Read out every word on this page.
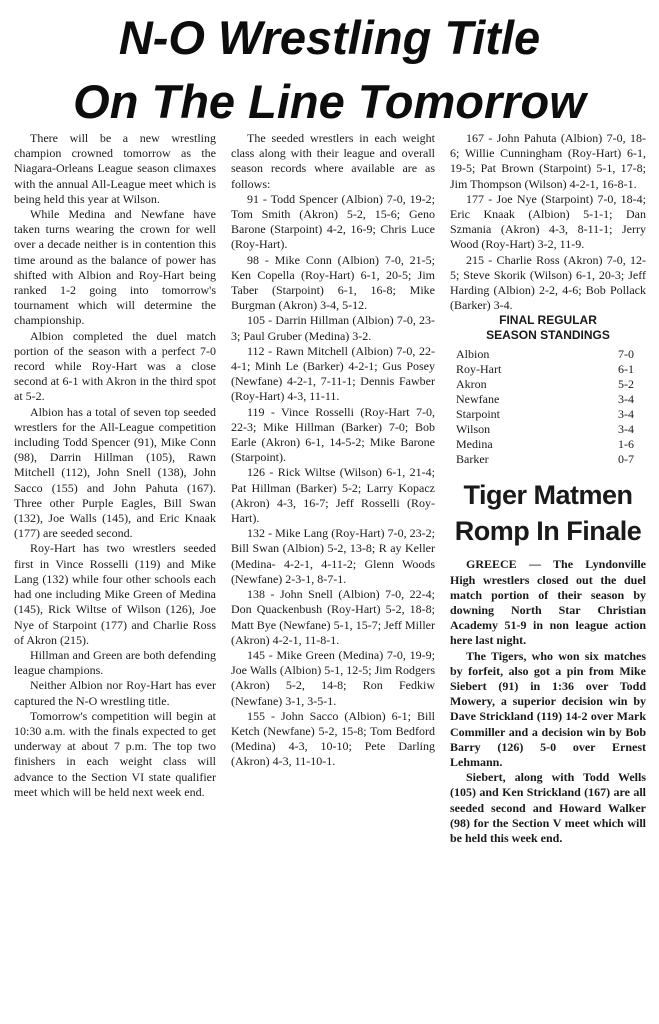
N-O Wrestling Title
On The Line Tomorrow

There will be a new wrestling champion crowned tomorrow as the Niagara-Orleans League season climaxes with the annual All-League meet which is being held this year at Wilson.

While Medina and Newfane have taken turns wearing the crown for well over a decade neither is in contention this time around as the balance of power has shifted with Albion and Roy-Hart being ranked 1-2 going into tomorrow's tournament which will determine the championship.

Albion completed the duel match portion of the season with a perfect 7-0 record while Roy-Hart was a close second at 6-1 with Akron in the third spot at 5-2.

Albion has a total of seven top seeded wrestlers for the All-League competition including Todd Spencer (91), Mike Conn (98), Darrin Hillman (105), Rawn Mitchell (112), John Snell (138), John Sacco (155) and John Pahuta (167). Three other Purple Eagles, Bill Swan (132), Joe Walls (145), and Eric Knaak (177) are seeded second.

Roy-Hart has two wrestlers seeded first in Vince Rosselli (119) and Mike Lang (132) while four other schools each had one including Mike Green of Medina (145), Rick Wiltse of Wilson (126), Joe Nye of Starpoint (177) and Charlie Ross of Akron (215).

Hillman and Green are both defending league champions.

Neither Albion nor Roy-Hart has ever captured the N-O wrestling title.

Tomorrow's competition will begin at 10:30 a.m. with the finals expected to get underway at about 7 p.m. The top two finishers in each weight class will advance to the Section VI state qualifier meet which will be held next week end.

The seeded wrestlers in each weight class along with their league and overall season records where available are as follows:

91 - Todd Spencer (Albion) 7-0, 19-2; Tom Smith (Akron) 5-2, 15-6; Geno Barone (Starpoint) 4-2, 16-9; Chris Luce (Roy-Hart).

98 - Mike Conn (Albion) 7-0, 21-5; Ken Copella (Roy-Hart) 6-1, 20-5; Jim Taber (Starpoint) 6-1, 16-8; Mike Burgman (Akron) 3-4, 5-12.

105 - Darrin Hillman (Albion) 7-0, 23-3; Paul Gruber (Medina) 3-2.

112 - Rawn Mitchell (Albion) 7-0, 22-4-1; Minh Le (Barker) 4-2-1; Gus Posey (Newfane) 4-2-1, 7-11-1; Dennis Fawber (Roy-Hart) 4-3, 11-11.

119 - Vince Rosselli (Roy-Hart 7-0, 22-3; Mike Hillman (Barker) 7-0; Bob Earle (Akron) 6-1, 14-5-2; Mike Barone (Starpoint).

126 - Rick Wiltse (Wilson) 6-1, 21-4; Pat Hillman (Barker) 5-2; Larry Kopacz (Akron) 4-3, 16-7; Jeff Rosselli (Roy-Hart).

132 - Mike Lang (Roy-Hart) 7-0, 23-2; Bill Swan (Albion) 5-2, 13-8; R ay Keller (Medina- 4-2-1, 4-11-2; Glenn Woods (Newfane) 2-3-1, 8-7-1.

138 - John Snell (Albion) 7-0, 22-4; Don Quackenbush (Roy-Hart) 5-2, 18-8; Matt Bye (Newfane) 5-1, 15-7; Jeff Miller (Akron) 4-2-1, 11-8-1.

145 - Mike Green (Medina) 7-0, 19-9; Joe Walls (Albion) 5-1, 12-5; Jim Rodgers (Akron) 5-2, 14-8; Ron Fedkiw (Newfane) 3-1, 3-5-1.

155 - John Sacco (Albion) 6-1; Bill Ketch (Newfane) 5-2, 15-8; Tom Bedford (Medina) 4-3, 10-10; Pete Darling (Akron) 4-3, 11-10-1.

167 - John Pahuta (Albion) 7-0, 18-6; Willie Cunningham (Roy-Hart) 6-1, 19-5; Pat Brown (Starpoint) 5-1, 17-8; Jim Thompson (Wilson) 4-2-1, 16-8-1.

177 - Joe Nye (Starpoint) 7-0, 18-4; Eric Knaak (Albion) 5-1-1; Dan Szmania (Akron) 4-3, 8-11-1; Jerry Wood (Roy-Hart) 3-2, 11-9.

215 - Charlie Ross (Akron) 7-0, 12-5; Steve Skorik (Wilson) 6-1, 20-3; Jeff Harding (Albion) 2-2, 4-6; Bob Pollack (Barker) 3-4.

FINAL REGULAR
SEASON STANDINGS
Albion	7-0
Roy-Hart	6-1
Akron	5-2
Newfane	3-4
Starpoint	3-4
Wilson	3-4
Medina	1-6
Barker	0-7
Tiger Matmen
Romp In Finale

GREECE — The Lyndonville High wrestlers closed out the duel match portion of their season by downing North Star Christian Academy 51-9 in non league action here last night.

The Tigers, who won six matches by forfeit, also got a pin from Mike Siebert (91) in 1:36 over Todd Mowery, a superior decision win by Dave Strickland (119) 14-2 over Mark Commiller and a decision win by Bob Barry (126) 5-0 over Ernest Lehmann.

Siebert, along with Todd Wells (105) and Ken Strickland (167) are all seeded second and Howard Walker (98) for the Section V meet which will be held this week end.
